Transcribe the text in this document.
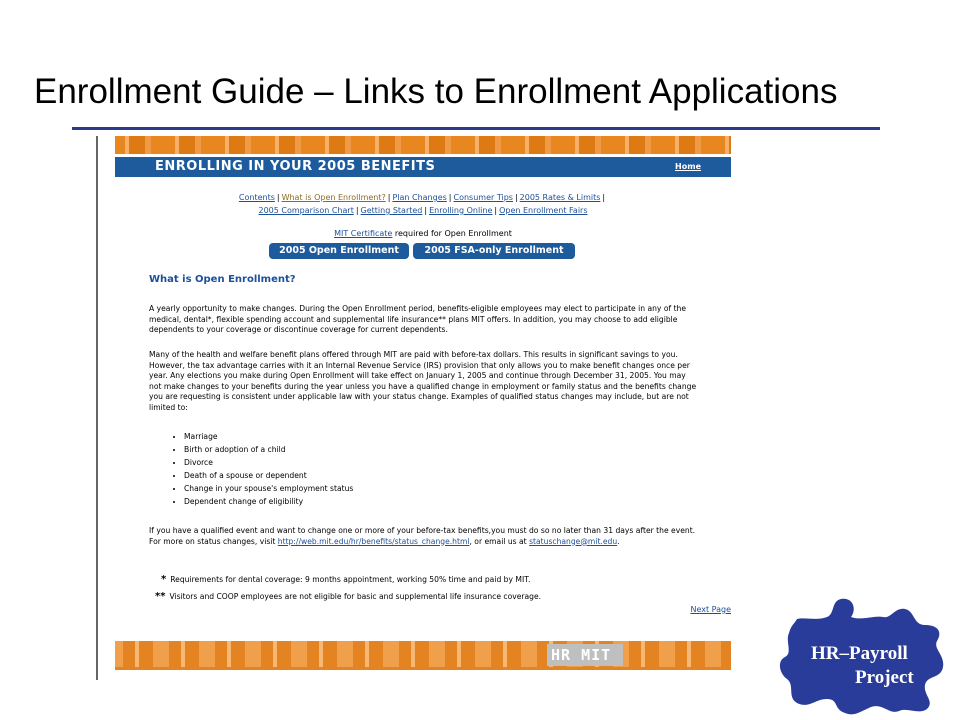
Enrollment Guide – Links to Enrollment Applications
ENROLLING IN YOUR 2005 BENEFITS	Home
Contents | What is Open Enrollment? | Plan Changes | Consumer Tips | 2005 Rates & Limits |
2005 Comparison Chart | Getting Started | Enrolling Online | Open Enrollment Fairs
MIT Certificate required for Open Enrollment
2005 Open Enrollment	2005 FSA-only Enrollment
What is Open Enrollment?
A yearly opportunity to make changes. During the Open Enrollment period, benefits-eligible employees may elect to participate in any of the medical, dental*, flexible spending account and supplemental life insurance** plans MIT offers. In addition, you may choose to add eligible dependents to your coverage or discontinue coverage for current dependents.
Many of the health and welfare benefit plans offered through MIT are paid with before-tax dollars. This results in significant savings to you. However, the tax advantage carries with it an Internal Revenue Service (IRS) provision that only allows you to make benefit changes once per year. Any elections you make during Open Enrollment will take effect on January 1, 2005 and continue through December 31, 2005. You may not make changes to your benefits during the year unless you have a qualified change in employment or family status and the benefits change you are requesting is consistent under applicable law with your status change. Examples of qualified status changes may include, but are not limited to:
• Marriage
• Birth or adoption of a child
• Divorce
• Death of a spouse or dependent
• Change in your spouse's employment status
• Dependent change of eligibility
If you have a qualified event and want to change one or more of your before-tax benefits,you must do so no later than 31 days after the event. For more on status changes, visit http://web.mit.edu/hr/benefits/status_change.html, or email us at statuschange@mit.edu.
* Requirements for dental coverage: 9 months appointment, working 50% time and paid by MIT.
** Visitors and COOP employees are not eligible for basic and supplemental life insurance coverage.
Next Page
HR MIT	HR–Payroll
Project
